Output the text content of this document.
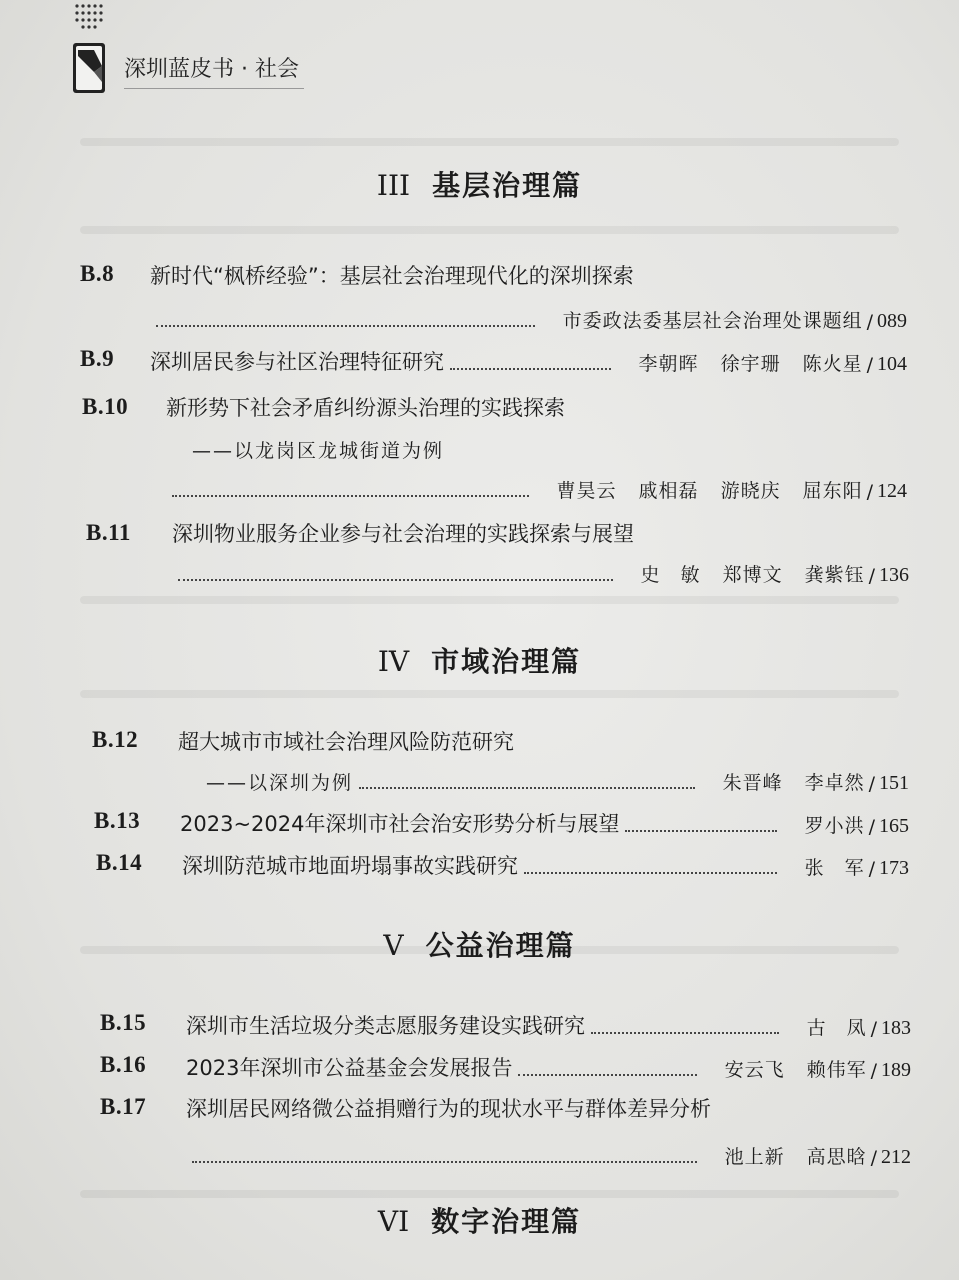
深圳蓝皮书 · 社会
III 基层治理篇
B.8 新时代“枫桥经验”：基层社会治理现代化的深圳探索
市委政法委基层社会治理处课题组 / 089
B.9 深圳居民参与社区治理特征研究	李朝晖 徐宇珊 陈火星 / 104
B.10 新形势下社会矛盾纠纷源头治理的实践探索
——以龙岗区龙城街道为例
曹昊云 戚相磊 游晓庆 屈东阳 / 124
B.11 深圳物业服务企业参与社会治理的实践探索与展望
史　敏 郑博文 龚紫钰 / 136
IV 市域治理篇
B.12 超大城市市域社会治理风险防范研究
——以深圳为例	朱晋峰 李卓然 / 151
B.13 2023~2024年深圳市社会治安形势分析与展望	罗小洪 / 165
B.14 深圳防范城市地面坍塌事故实践研究	张　军 / 173
V 公益治理篇
B.15 深圳市生活垃圾分类志愿服务建设实践研究	古　凤 / 183
B.16 2023年深圳市公益基金会发展报告	安云飞 赖伟军 / 189
B.17 深圳居民网络微公益捐赠行为的现状水平与群体差异分析
池上新 高思晗 / 212
VI 数字治理篇
